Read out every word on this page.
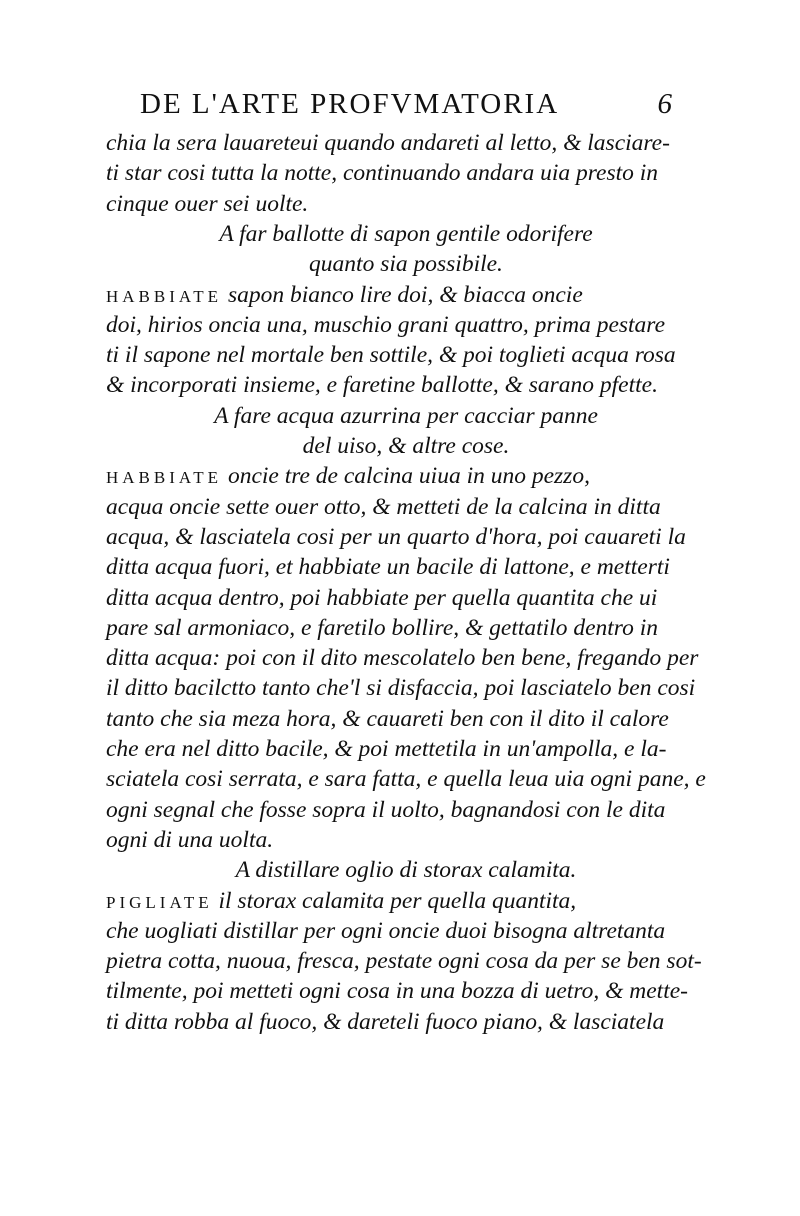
DE L'ARTE PROFVMATORIA	6
chia la sera lauareteui quando andareti al letto, & lasciare-
ti star cosi tutta la notte, continuando andara uia presto in
cinque ouer sei uolte.
A far ballotte di sapon gentile odorifere
quanto sia possibile.
HABBIATE sapon bianco lire doi, & biacca oncie
doi, hirios oncia una, muschio grani quattro, prima pestare
ti il sapone nel mortale ben sottile, & poi toglieti acqua rosa
& incorporati insieme, e faretine ballotte, & sarano pfette.
A fare acqua azurrina per cacciar panne
del uiso, & altre cose.
HABBIATE oncie tre de calcina uiua in uno pezzo,
acqua oncie sette ouer otto, & metteti de la calcina in ditta
acqua, & lasciatela cosi per un quarto d'hora, poi cauareti la
ditta acqua fuori, et habbiate un bacile di lattone, e metterti
ditta acqua dentro, poi habbiate per quella quantita che ui
pare sal armoniaco, e faretilo bollire, & gettatilo dentro in
ditta acqua: poi con il dito mescolatelo ben bene, fregando per
il ditto bacilctto tanto che'l si disfaccia, poi lasciatelo ben cosi
tanto che sia meza hora, & cauareti ben con il dito il calore
che era nel ditto bacile, & poi mettetila in un'ampolla, e la-
sciatela cosi serrata, e sara fatta, e quella leua uia ogni pane, e
ogni segnal che fosse sopra il uolto, bagnandosi con le dita
ogni di una uolta.
A distillare oglio di storax calamita.
PIGLIATE il storax calamita per quella quantita,
che uogliati distillar per ogni oncie duoi bisogna altretanta
pietra cotta, nuoua, fresca, pestate ogni cosa da per se ben sot-
tilmente, poi metteti ogni cosa in una bozza di uetro, & mette-
ti ditta robba al fuoco, & dareteli fuoco piano, & lasciatela
